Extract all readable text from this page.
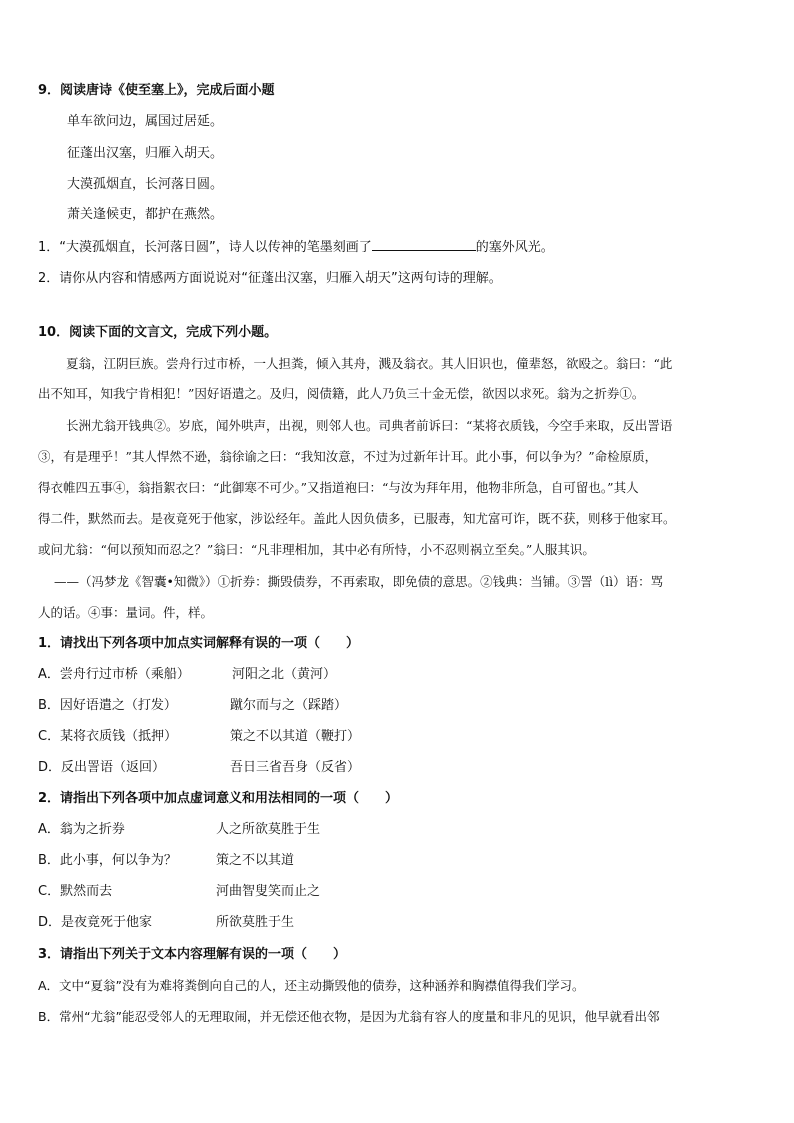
9．阅读唐诗《使至塞上》，完成后面小题
单车欲问边，属国过居延。
征蓬出汉塞，归雁入胡天。
大漠孤烟直，长河落日圆。
萧关逢候吏，都护在燕然。
1．“大漠孤烟直，长河落日圆”，诗人以传神的笔墨刻画了	的塞外风光。
2．请你从内容和情感两方面说说对“征蓬出汉塞，归雁入胡天”这两句诗的理解。
10．阅读下面的文言文，完成下列小题。
夏翁，江阴巨族。尝舟行过市桥，一人担粪，倾入其舟，溅及翁衣。其人旧识也，僮辈怒，欲殴之。翁曰：“此
出不知耳，知我宁肯相犯！”因好语遣之。及归，阅债籍，此人乃负三十金无偿，欲因以求死。翁为之折券①。
长洲尤翁开钱典②。岁底，闻外哄声，出视，则邻人也。司典者前诉曰：“某将衣质钱，今空手来取，反出詈语
③，有是理乎！”其人悍然不逊，翁徐谕之曰：“我知汝意，不过为过新年计耳。此小事，何以争为？”命检原质，
得衣帷四五事④，翁指絮衣曰：“此御寒不可少。”又指道袍曰：“与汝为拜年用，他物非所急，自可留也。”其人
得二件，默然而去。是夜竟死于他家，涉讼经年。盖此人因负债多，已服毒，知尤富可诈，既不获，则移于他家耳。
或问尤翁：“何以预知而忍之？”翁曰：“凡非理相加，其中必有所恃，小不忍则祸立至矣。”人服其识。
——（冯梦龙《智囊•知微》）①折券：撕毁债券，不再索取，即免债的意思。②钱典：当铺。③詈（lì）语：骂
人的话。④事：量词。件，样。
1．请找出下列各项中加点实词解释有误的一项（　　）
A．尝舟行过市桥（乘船）	河阳之北（黄河）
B．因好语遣之（打发）	蹴尔而与之（踩踏）
C．某将衣质钱（抵押）	策之不以其道（鞭打）
D．反出詈语（返回）	吾日三省吾身（反省）
2．请指出下列各项中加点虚词意义和用法相同的一项（　　）
A．翁为之折券	人之所欲莫胜于生
B．此小事，何以争为？	策之不以其道
C．默然而去	河曲智叟笑而止之
D．是夜竟死于他家	所欲莫胜于生
3．请指出下列关于文本内容理解有误的一项（　　）
A．文中“夏翁”没有为难将粪倒向自己的人，还主动撕毁他的债券，这种涵养和胸襟值得我们学习。
B．常州“尤翁”能忍受邻人的无理取闹，并无偿还他衣物，是因为尤翁有容人的度量和非凡的见识，他早就看出邻
